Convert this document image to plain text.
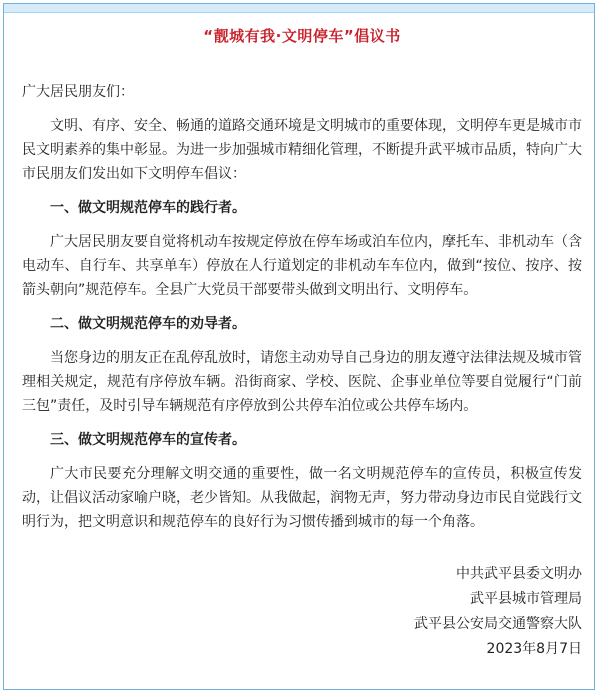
“靓城有我·文明停车”倡议书
广大居民朋友们：

文明、有序、安全、畅通的道路交通环境是文明城市的重要体现，文明停车更是城市市民文明素养的集中彰显。为进一步加强城市精细化管理，不断提升武平城市品质，特向广大市民朋友们发出如下文明停车倡议：

一、做文明规范停车的践行者。

广大居民朋友要自觉将机动车按规定停放在停车场或泊车位内，摩托车、非机动车（含电动车、自行车、共享单车）停放在人行道划定的非机动车车位内，做到“按位、按序、按箭头朝向”规范停车。全县广大党员干部要带头做到文明出行、文明停车。

二、做文明规范停车的劝导者。

当您身边的朋友正在乱停乱放时，请您主动劝导自己身边的朋友遵守法律法规及城市管理相关规定，规范有序停放车辆。沿街商家、学校、医院、企事业单位等要自觉履行“门前三包”责任，及时引导车辆规范有序停放到公共停车泊位或公共停车场内。

三、做文明规范停车的宣传者。

广大市民要充分理解文明交通的重要性，做一名文明规范停车的宣传员，积极宣传发动，让倡议活动家喻户晓，老少皆知。从我做起，润物无声，努力带动身边市民自觉践行文明行为，把文明意识和规范停车的良好行为习惯传播到城市的每一个角落。

中共武平县委文明办
武平县城市管理局
武平县公安局交通警察大队
2023年8月7日
